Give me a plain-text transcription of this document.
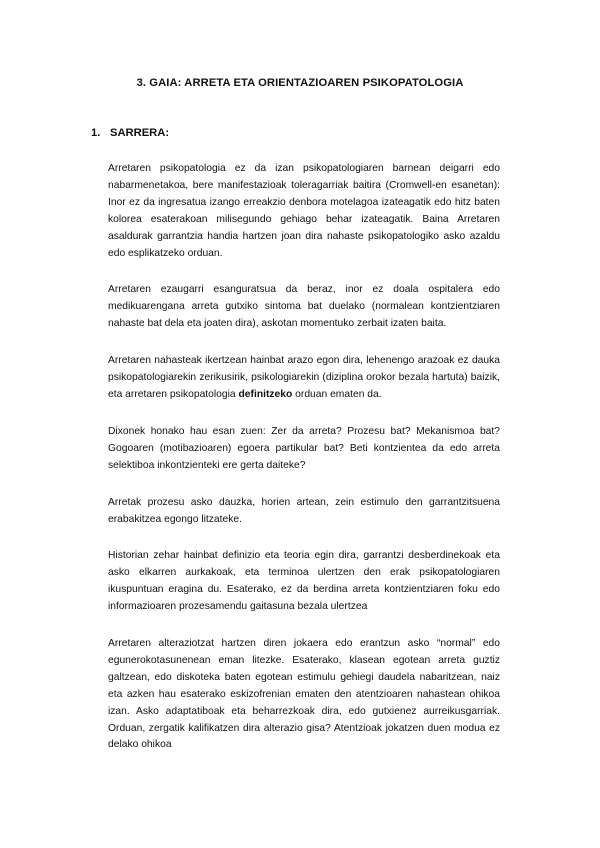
3. GAIA: ARRETA ETA ORIENTAZIOAREN PSIKOPATOLOGIA
1. SARRERA:

Arretaren psikopatologia ez da izan psikopatologiaren barnean deigarri edo nabarmenetakoa, bere manifestazioak toleragarriak baitira (Cromwell-en esanetan): Inor ez da ingresatua izango erreakzio denbora motelagoa izateagatik edo hitz baten kolorea esaterakoan milisegundo gehiago behar izateagatik. Baina Arretaren asaldurak garrantzia handia hartzen joan dira nahaste psikopatologiko asko azaldu edo esplikatzeko orduan.

Arretaren ezaugarri esanguratsua da beraz, inor ez doala ospitalera edo medikuarengana arreta gutxiko sintoma bat duelako (normalean kontzientziaren nahaste bat dela eta joaten dira), askotan momentuko zerbait izaten baita.

Arretaren nahasteak ikertzean hainbat arazo egon dira, lehenengo arazoak ez dauka psikopatologiarekin zerikusirik, psikologiarekin (diziplina orokor bezala hartuta) baizik, eta arretaren psikopatologia definitzeko orduan ematen da.

Dixonek honako hau esan zuen: Zer da arreta? Prozesu bat? Mekanismoa bat? Gogoaren (motibazioaren) egoera partikular bat? Beti kontzientea da edo arreta selektiboa inkontzienteki ere gerta daiteke?

Arretak prozesu asko dauzka, horien artean, zein estimulo den garrantzitsuena erabakitzea egongo litzateke.

Historian zehar hainbat definizio eta teoria egin dira, garrantzi desberdinekoak eta asko elkarren aurkakoak, eta terminoa ulertzen den erak psikopatologiaren ikuspuntuan eragina du. Esaterako, ez da berdina arreta kontzientziaren foku edo informazioaren prozesamendu gaitasuna bezala ulertzea

Arretaren alteraziotzat hartzen diren jokaera edo erantzun asko “normal” edo egunerokotasunenean eman litezke. Esaterako, klasean egotean arreta guztiz galtzean, edo diskoteka baten egotean estimulu gehiegi daudela nabaritzean, naiz eta azken hau esaterako eskizofrenian ematen den atentzioaren nahastean ohikoa izan. Asko adaptatiboak eta beharrezkoak dira, edo gutxienez aurreikusgarriak. Orduan, zergatik kalifikatzen dira alterazio gisa? Atentzioak jokatzen duen modua ez delako ohikoa
